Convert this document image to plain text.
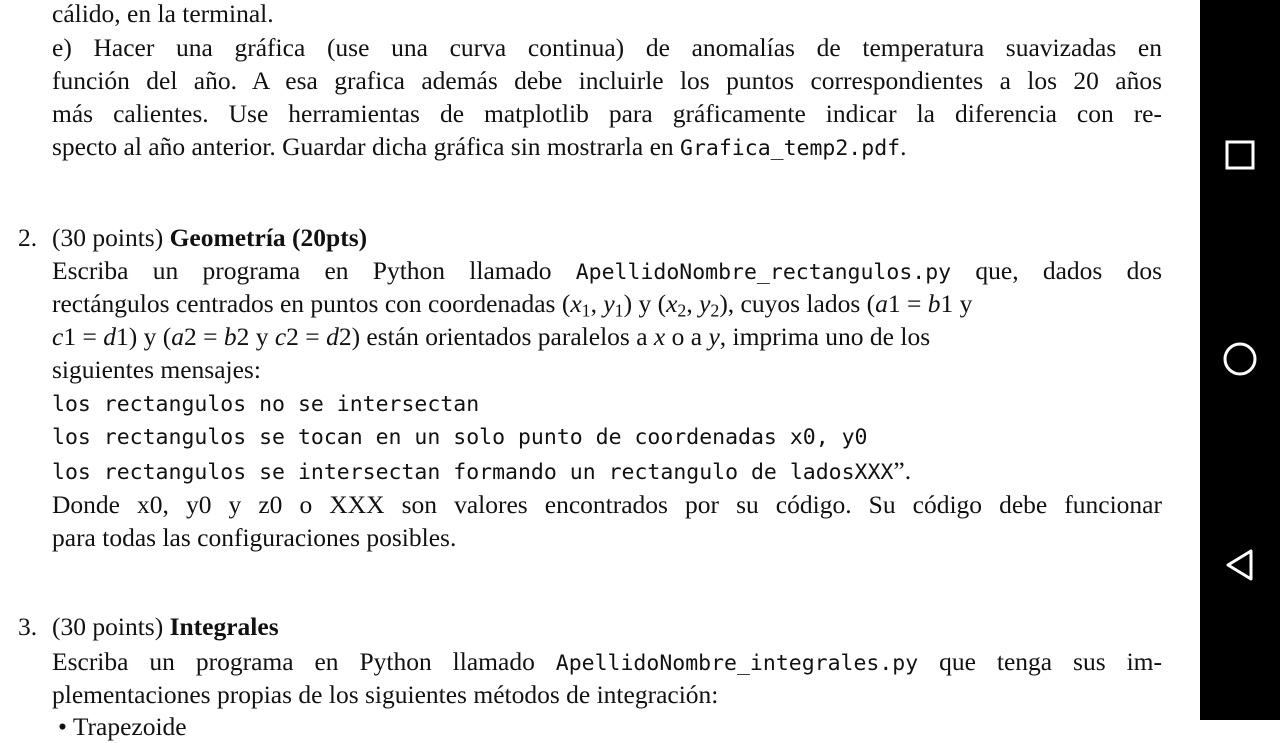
cálido, en la terminal.
e) Hacer una gráfica (use una curva continua) de anomalías de temperatura suavizadas en
función del año. A esa grafica además debe incluirle los puntos correspondientes a los 20 años
más calientes. Use herramientas de matplotlib para gráficamente indicar la diferencia con re-
specto al año anterior. Guardar dicha gráfica sin mostrarla en Grafica_temp2.pdf.
2. (30 points) Geometría (20pts)
Escriba un programa en Python llamado ApellidoNombre_rectangulos.py que, dados dos
rectángulos centrados en puntos con coordenadas ($x_1$, $y_1$) y ($x_2$, $y_2$), cuyos lados (a1 = b1 y
c1 = d1) y (a2 = b2 y c2 = d2) están orientados paralelos a x o a y, imprima uno de los
siguientes mensajes:
los rectangulos no se intersectan
los rectangulos se tocan en un solo punto de coordenadas x0, y0
los rectangulos se intersectan formando un rectangulo de ladosXXX”.
Donde x0, y0 y z0 o XXX son valores encontrados por su código. Su código debe funcionar
para todas las configuraciones posibles.
3. (30 points) Integrales
Escriba un programa en Python llamado ApellidoNombre_integrales.py que tenga sus im-
plementaciones propias de los siguientes métodos de integración:
• Trapezoide
